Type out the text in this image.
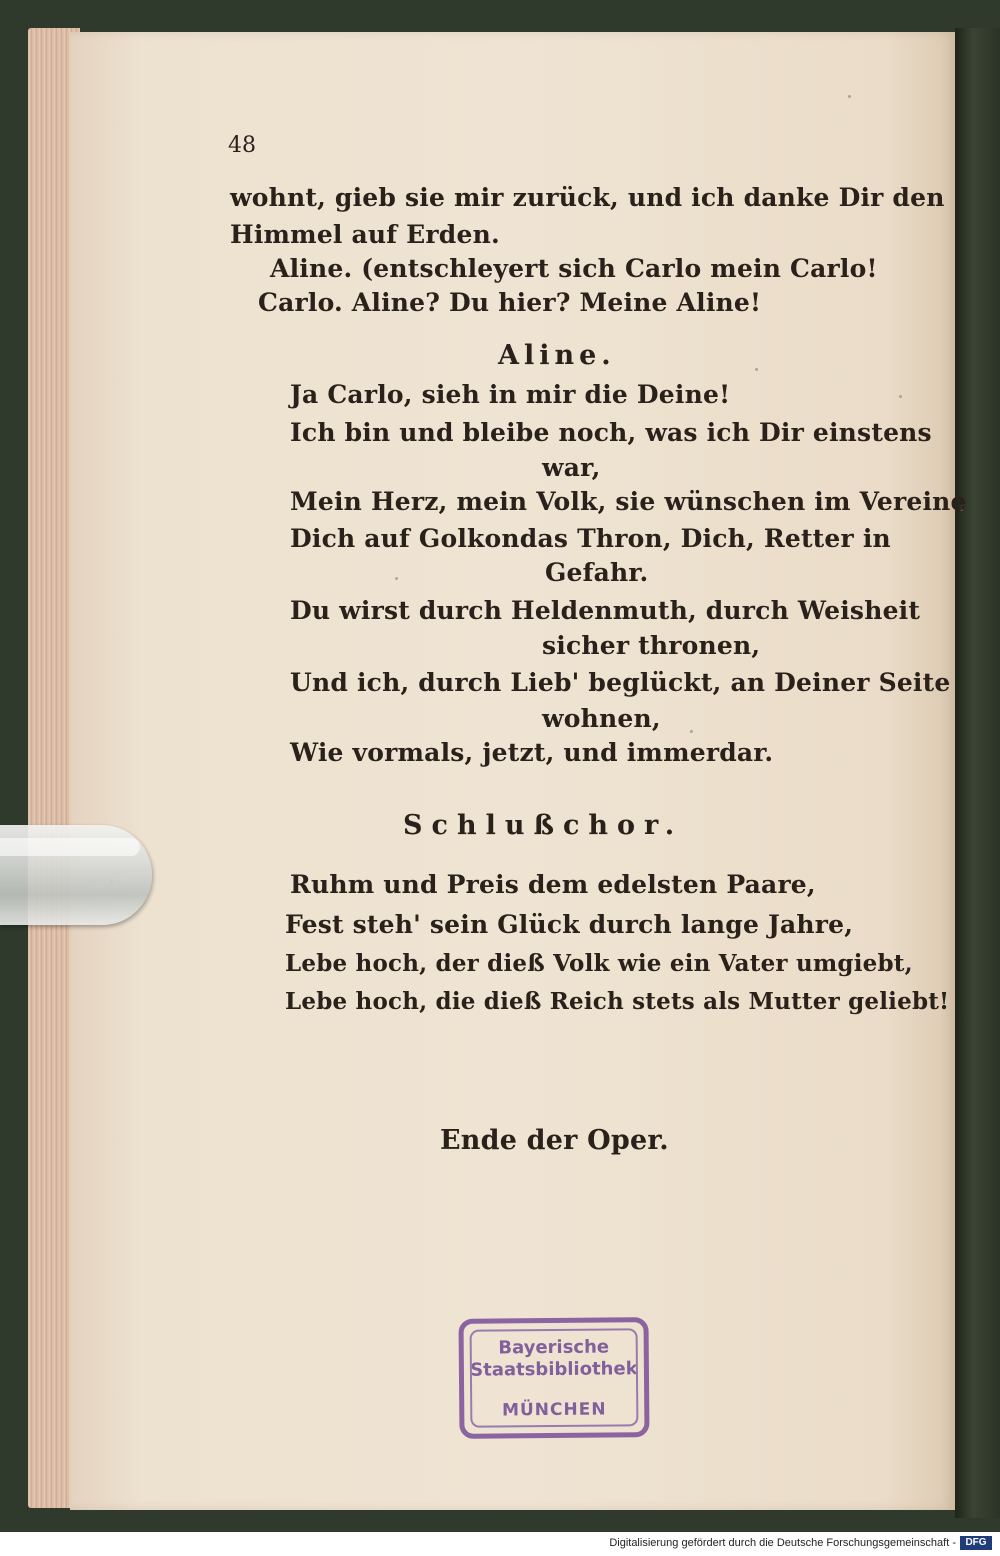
48
wohnt, gieb sie mir zurück, und ich danke Dir den
Himmel auf Erden.
Aline. (entschleyert sich Carlo mein Carlo!
Carlo. Aline? Du hier? Meine Aline!
Aline.
Ja Carlo, sieh in mir die Deine!
Ich bin und bleibe noch, was ich Dir einstens
war,
Mein Herz, mein Volk, sie wünschen im Vereine
Dich auf Golkondas Thron, Dich, Retter in
Gefahr.
Du wirst durch Heldenmuth, durch Weisheit
sicher thronen,
Und ich, durch Lieb' beglückt, an Deiner Seite
wohnen,
Wie vormals, jetzt, und immerdar.
Schlußchor.
Ruhm und Preis dem edelsten Paare,
Fest steh' sein Glück durch lange Jahre,
Lebe hoch, der dieß Volk wie ein Vater umgiebt,
Lebe hoch, die dieß Reich stets als Mutter geliebt!
Ende der Oper.
Bayerische
Staatsbibliothek
MÜNCHEN
Digitalisierung gefördert durch die Deutsche Forschungsgemeinschaft - DFG
